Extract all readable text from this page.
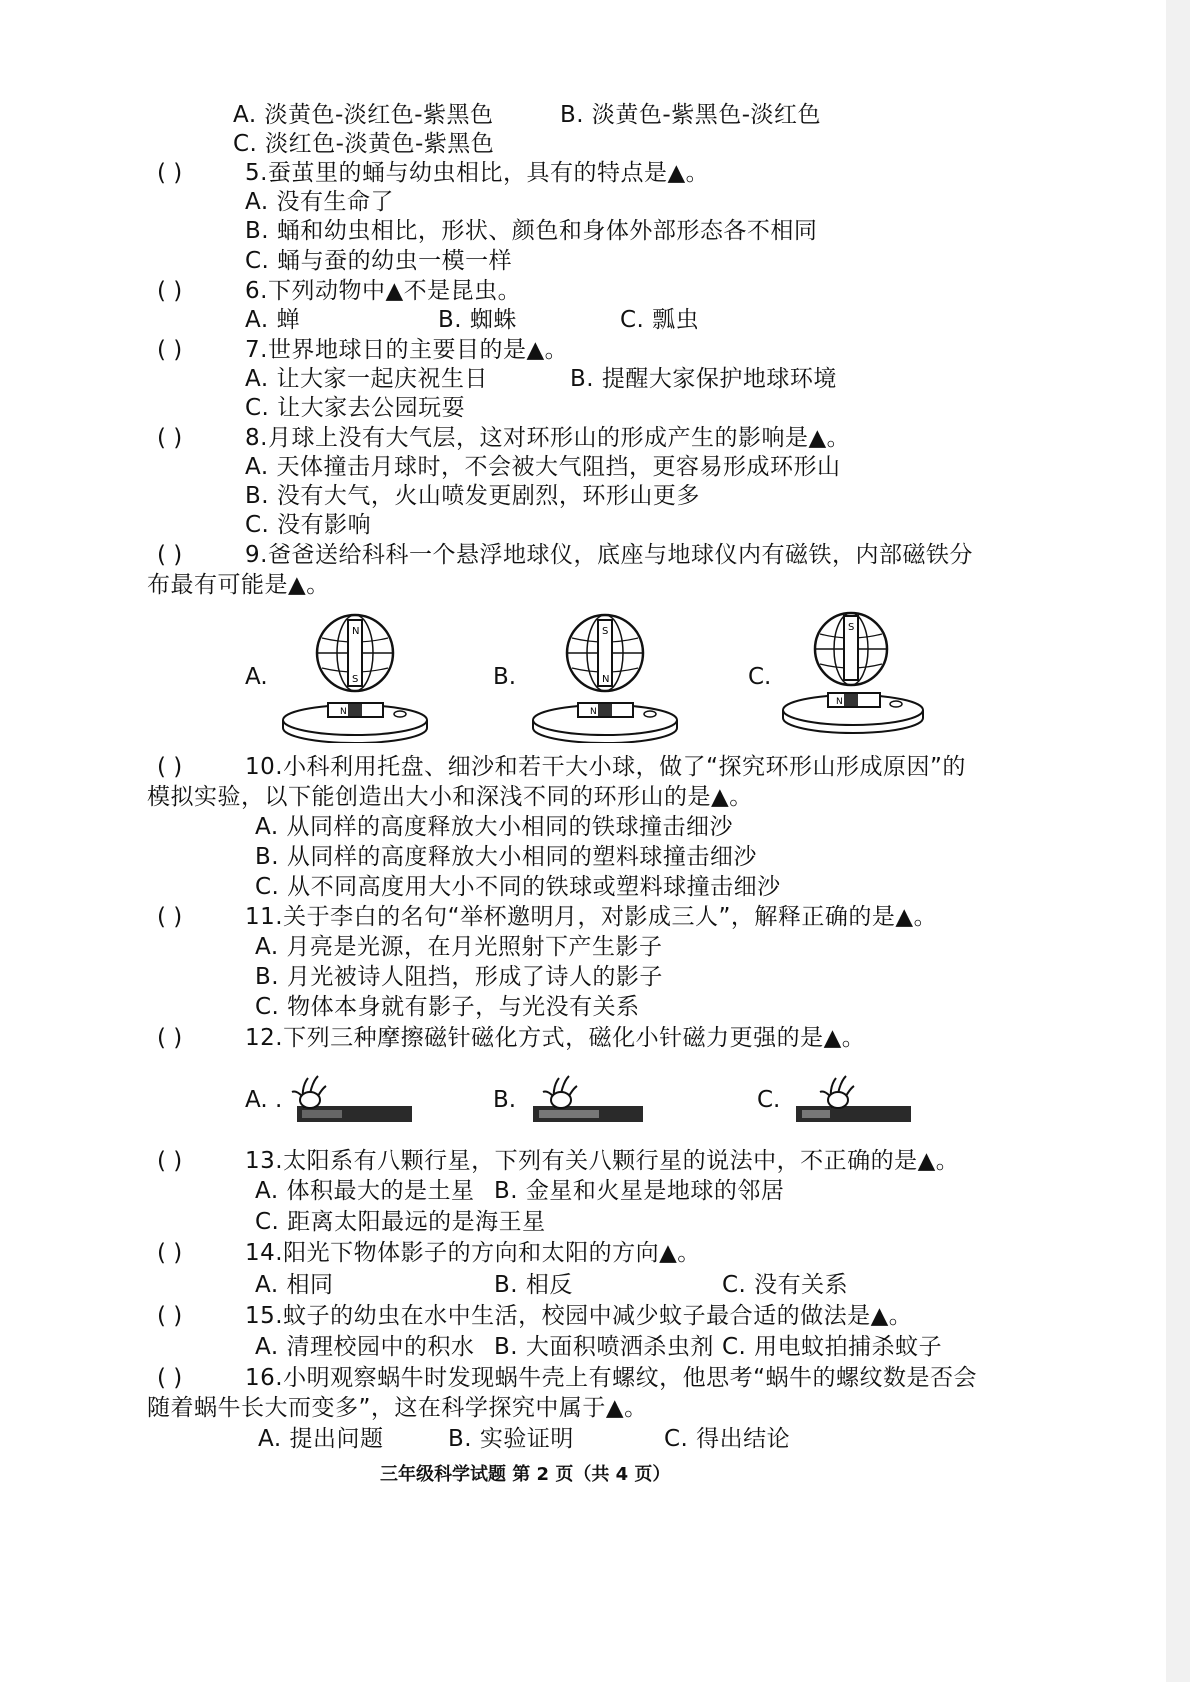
A. 淡黄色-淡红色-紫黑色	B. 淡黄色-紫黑色-淡红色
C. 淡红色-淡黄色-紫黑色
( )	5.蚕茧里的蛹与幼虫相比，具有的特点是▲。
A. 没有生命了
B. 蛹和幼虫相比，形状、颜色和身体外部形态各不相同
C. 蛹与蚕的幼虫一模一样
( )	6.下列动物中▲不是昆虫。
A. 蝉	B. 蜘蛛	C. 瓢虫
( )	7.世界地球日的主要目的是▲。
A. 让大家一起庆祝生日	B. 提醒大家保护地球环境
C. 让大家去公园玩耍
( )	8.月球上没有大气层，这对环形山的形成产生的影响是▲。
A. 天体撞击月球时，不会被大气阻挡，更容易形成环形山
B. 没有大气，火山喷发更剧烈，环形山更多
C. 没有影响
( )	9.爸爸送给科科一个悬浮地球仪，底座与地球仪内有磁铁，内部磁铁分
布最有可能是▲。
A.	B.	C.
N
N
S
N
S
N
N
S
( )	10.小科利用托盘、细沙和若干大小球，做了“探究环形山形成原因”的
模拟实验，以下能创造出大小和深浅不同的环形山的是▲。
A. 从同样的高度释放大小相同的铁球撞击细沙
B. 从同样的高度释放大小相同的塑料球撞击细沙
C. 从不同高度用大小不同的铁球或塑料球撞击细沙
( )	11.关于李白的名句“举杯邀明月，对影成三人”，解释正确的是▲。
A. 月亮是光源，在月光照射下产生影子
B. 月光被诗人阻挡，形成了诗人的影子
C. 物体本身就有影子，与光没有关系
( )	12.下列三种摩擦磁针磁化方式，磁化小针磁力更强的是▲。
A. .	B.	C.
( )	13.太阳系有八颗行星，下列有关八颗行星的说法中，不正确的是▲。
A. 体积最大的是土星 B. 金星和火星是地球的邻居
C. 距离太阳最远的是海王星
( )	14.阳光下物体影子的方向和太阳的方向▲。
A. 相同	B. 相反	C. 没有关系
( )	15.蚊子的幼虫在水中生活，校园中减少蚊子最合适的做法是▲。
A. 清理校园中的积水 B. 大面积喷洒杀虫剂 C. 用电蚊拍捕杀蚊子
( )	16.小明观察蜗牛时发现蜗牛壳上有螺纹，他思考“蜗牛的螺纹数是否会
随着蜗牛长大而变多”，这在科学探究中属于▲。
A. 提出问题	B. 实验证明	C. 得出结论
三年级科学试题 第 2 页（共 4 页）
